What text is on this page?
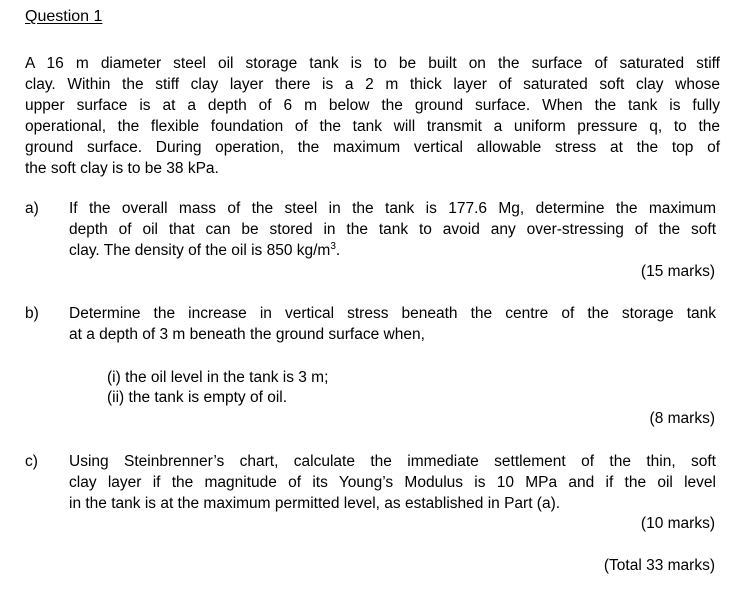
Question 1
A 16 m diameter steel oil storage tank is to be built on the surface of saturated stiff
clay. Within the stiff clay layer there is a 2 m thick layer of saturated soft clay whose
upper surface is at a depth of 6 m below the ground surface. When the tank is fully
operational, the flexible foundation of the tank will transmit a uniform pressure q, to the
ground surface. During operation, the maximum vertical allowable stress at the top of
the soft clay is to be 38 kPa.
a) If the overall mass of the steel in the tank is 177.6 Mg, determine the maximum
depth of oil that can be stored in the tank to avoid any over-stressing of the soft
clay. The density of the oil is 850 $kg/m^3$.
(15 marks)
b) Determine the increase in vertical stress beneath the centre of the storage tank
at a depth of 3 m beneath the ground surface when,
(i) the oil level in the tank is 3 m;
(ii) the tank is empty of oil.
(8 marks)
c) Using Steinbrenner’s chart, calculate the immediate settlement of the thin, soft
clay layer if the magnitude of its Young’s Modulus is 10 MPa and if the oil level
in the tank is at the maximum permitted level, as established in Part (a).
(10 marks)
(Total 33 marks)
